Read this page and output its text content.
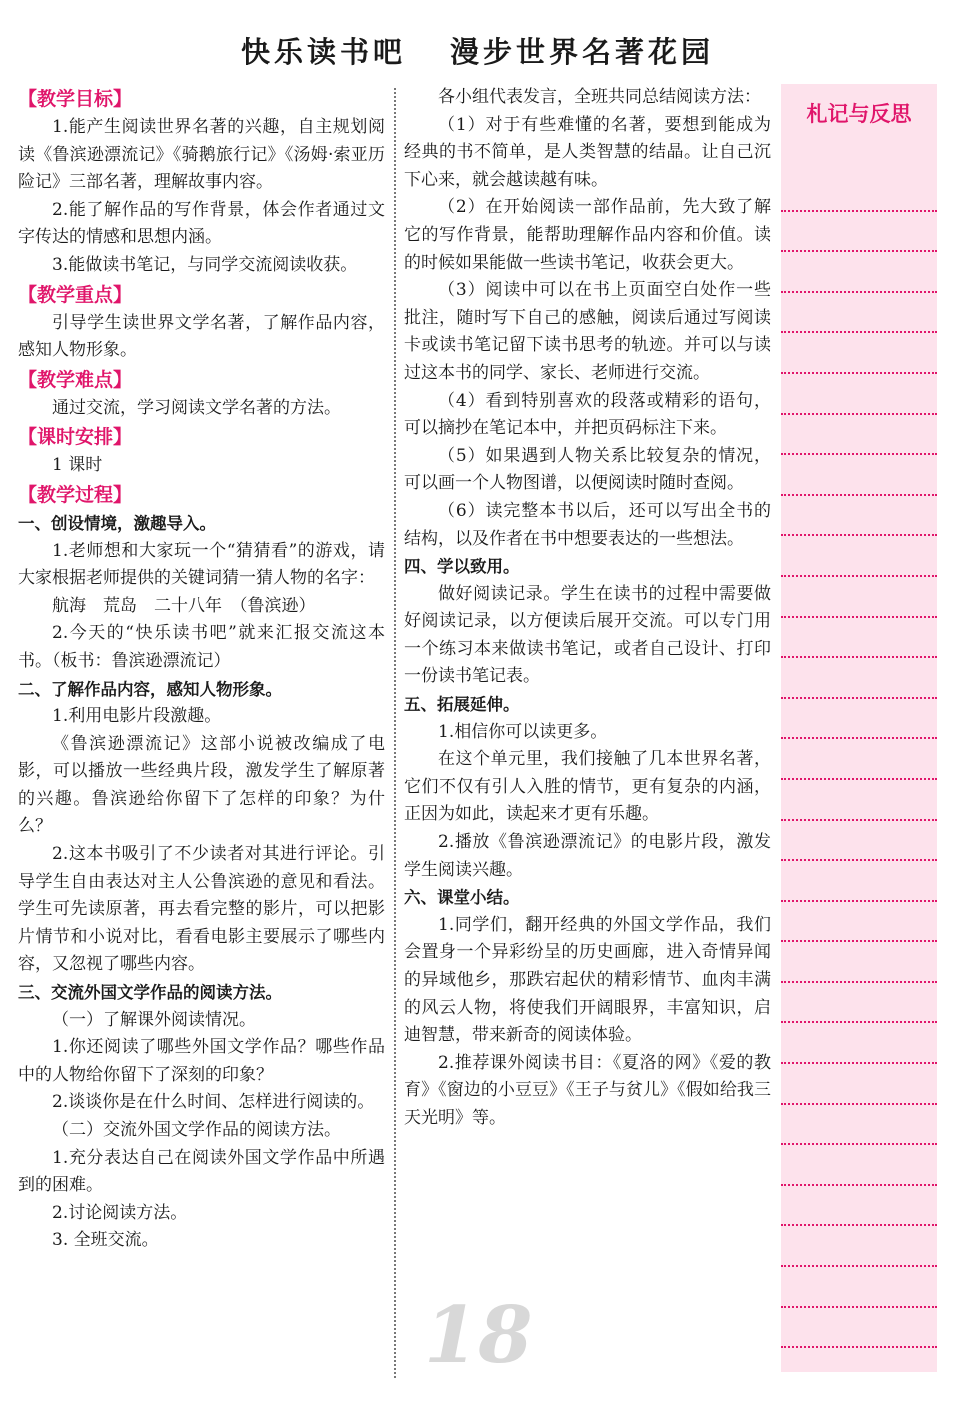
快乐读书吧 漫步世界名著花园

【教学目标】

1.能产生阅读世界名著的兴趣，自主规划阅读《鲁滨逊漂流记》《骑鹅旅行记》《汤姆·索亚历险记》三部名著，理解故事内容。

2.能了解作品的写作背景，体会作者通过文字传达的情感和思想内涵。

3.能做读书笔记，与同学交流阅读收获。

【教学重点】

引导学生读世界文学名著，了解作品内容，感知人物形象。

【教学难点】

通过交流，学习阅读文学名著的方法。

【课时安排】

1 课时

【教学过程】

一、创设情境，激趣导入。

1.老师想和大家玩一个“猜猜看”的游戏，请大家根据老师提供的关键词猜一猜人物的名字：

航海　荒岛　二十八年　（鲁滨逊）

2.今天的“快乐读书吧”就来汇报交流这本书。（板书：鲁滨逊漂流记）

二、了解作品内容，感知人物形象。

1.利用电影片段激趣。

《鲁滨逊漂流记》这部小说被改编成了电影，可以播放一些经典片段，激发学生了解原著的兴趣。鲁滨逊给你留下了怎样的印象？为什么？

2.这本书吸引了不少读者对其进行评论。引导学生自由表达对主人公鲁滨逊的意见和看法。学生可先读原著，再去看完整的影片，可以把影片情节和小说对比，看看电影主要展示了哪些内容，又忽视了哪些内容。

三、交流外国文学作品的阅读方法。

（一）了解课外阅读情况。

1.你还阅读了哪些外国文学作品？哪些作品中的人物给你留下了深刻的印象？

2.谈谈你是在什么时间、怎样进行阅读的。

（二）交流外国文学作品的阅读方法。

1.充分表达自己在阅读外国文学作品中所遇到的困难。

2.讨论阅读方法。

3. 全班交流。

各小组代表发言，全班共同总结阅读方法：

（1）对于有些难懂的名著，要想到能成为经典的书不简单，是人类智慧的结晶。让自己沉下心来，就会越读越有味。

（2）在开始阅读一部作品前，先大致了解它的写作背景，能帮助理解作品内容和价值。读的时候如果能做一些读书笔记，收获会更大。

（3）阅读中可以在书上页面空白处作一些批注，随时写下自己的感触，阅读后通过写阅读卡或读书笔记留下读书思考的轨迹。并可以与读过这本书的同学、家长、老师进行交流。

（4）看到特别喜欢的段落或精彩的语句，可以摘抄在笔记本中，并把页码标注下来。

（5）如果遇到人物关系比较复杂的情况，可以画一个人物图谱，以便阅读时随时查阅。

（6）读完整本书以后，还可以写出全书的结构，以及作者在书中想要表达的一些想法。

四、学以致用。

做好阅读记录。学生在读书的过程中需要做好阅读记录，以方便读后展开交流。可以专门用一个练习本来做读书笔记，或者自己设计、打印一份读书笔记表。

五、拓展延伸。

1.相信你可以读更多。

在这个单元里，我们接触了几本世界名著，它们不仅有引人入胜的情节，更有复杂的内涵，正因为如此，读起来才更有乐趣。

2.播放《鲁滨逊漂流记》的电影片段，激发学生阅读兴趣。

六、课堂小结。

1.同学们，翻开经典的外国文学作品，我们会置身一个异彩纷呈的历史画廊，进入奇情异闻的异域他乡，那跌宕起伏的精彩情节、血肉丰满的风云人物，将使我们开阔眼界，丰富知识，启迪智慧，带来新奇的阅读体验。

2.推荐课外阅读书目：《夏洛的网》《爱的教育》《窗边的小豆豆》《王子与贫儿》《假如给我三天光明》等。

札记与反思
18
